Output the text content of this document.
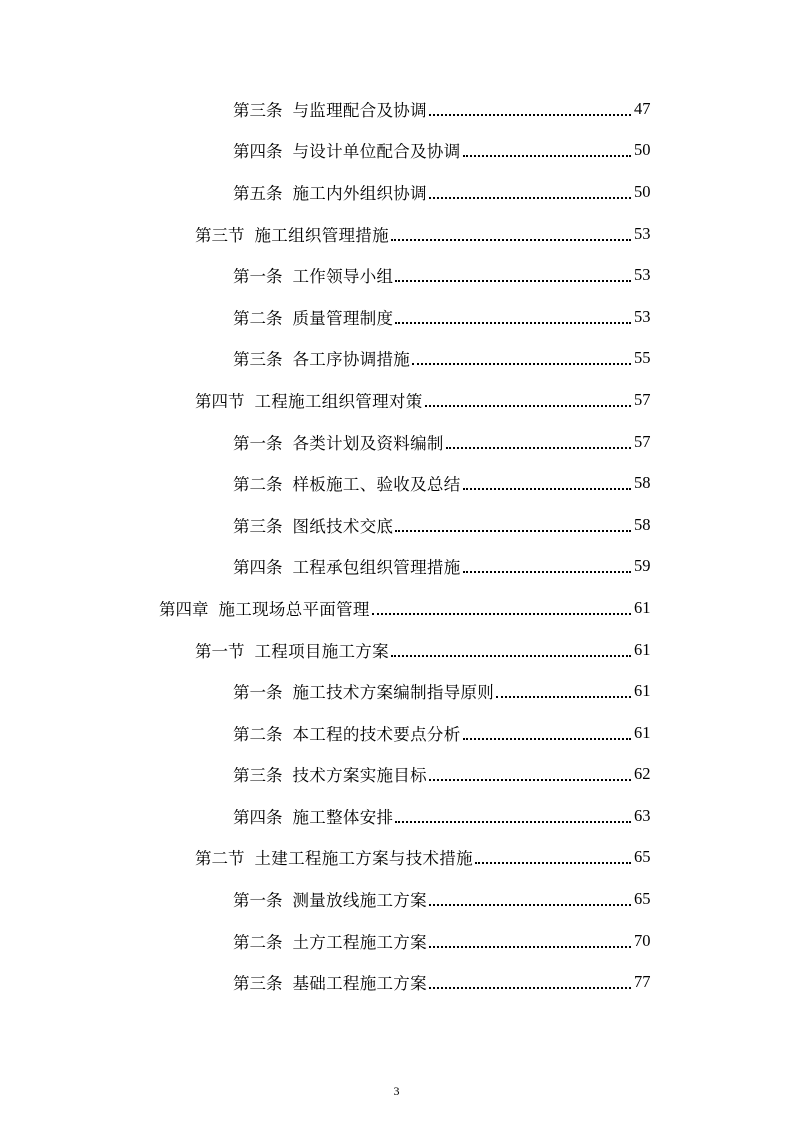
第三条 与监理配合及协调	47
第四条 与设计单位配合及协调	50
第五条 施工内外组织协调	50
第三节 施工组织管理措施	53
第一条 工作领导小组	53
第二条 质量管理制度	53
第三条 各工序协调措施	55
第四节 工程施工组织管理对策	57
第一条 各类计划及资料编制	57
第二条 样板施工、验收及总结	58
第三条 图纸技术交底	58
第四条 工程承包组织管理措施	59
第四章 施工现场总平面管理	61
第一节 工程项目施工方案	61
第一条 施工技术方案编制指导原则	61
第二条 本工程的技术要点分析	61
第三条 技术方案实施目标	62
第四条 施工整体安排	63
第二节 土建工程施工方案与技术措施	65
第一条 测量放线施工方案	65
第二条 土方工程施工方案	70
第三条 基础工程施工方案	77
3
